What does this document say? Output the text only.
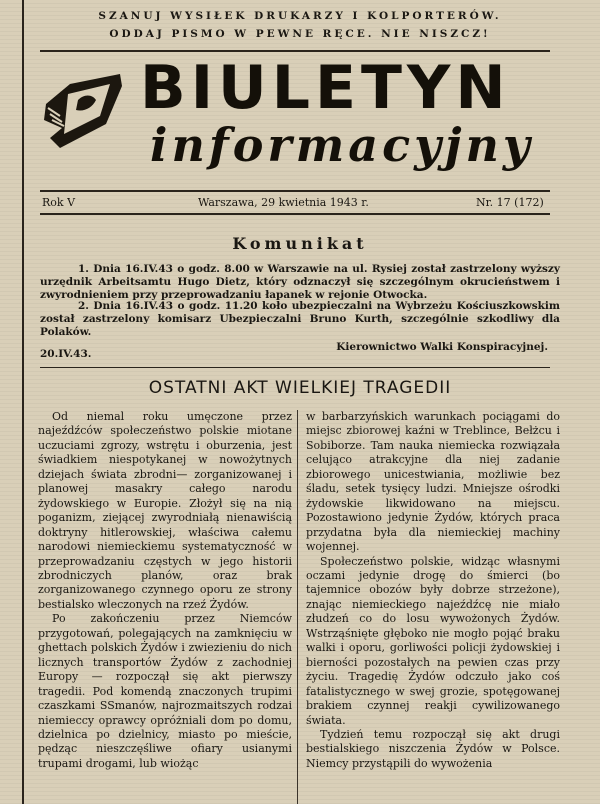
SZANUJ WYSIŁEK DRUKARZY I KOLPORTERÓW.
ODDAJ PISMO W PEWNE RĘCE. NIE NISZCZ!
BIULETYN
informacyjny
Rok V	Warszawa, 29 kwietnia 1943 r.	Nr. 17 (172)
Komunikat
1. Dnia 16.IV.43 o godz. 8.00 w Warszawie na ul. Rysiej został zastrzelony wyższy urzędnik Arbeitsamtu Hugo Dietz, który odznaczył się szczególnym okrucieństwem i zwyrodnieniem przy przeprowadzaniu łapanek w rejonie Otwocka.
2. Dnia 16.IV.43 o godz. 11.20 koło ubezpieczalni na Wybrzeżu Kościuszkowskim został zastrzelony komisarz Ubezpieczalni Bruno Kurth, szczególnie szkodliwy dla Polaków.
20.IV.43.
Kierownictwo Walki Konspiracyjnej.
OSTATNI AKT WIELKIEJ TRAGEDII

Od niemal roku umęczone przez najeźdźców społeczeństwo polskie miotane uczuciami zgrozy, wstrętu i oburzenia, jest świadkiem niespotykanej w nowożytnych dziejach świata zbrodni— zorganizowanej i planowej masakry całego narodu żydowskiego w Europie. Złożył się na nią poganizm, ziejącej zwyrodniałą nienawiścią doktryny hitlerowskiej, właściwa całemu narodowi niemieckiemu systematyczność w przeprowadzaniu częstych w jego historii zbrodniczych planów, oraz brak zorganizowanego czynnego oporu ze strony bestialsko wleczonych na rzeź Żydów.

Po zakończeniu przez Niemców przygotowań, polegających na zamknięciu w ghettach polskich Żydów i zwiezieniu do nich licznych transportów Żydów z zachodniej Europy — rozpoczął się akt pierwszy tragedii. Pod komendą znaczonych trupimi czaszkami SSmanów, najrozmaitszych rodzai niemieccy oprawcy opróżniali dom po domu, dzielnica po dzielnicy, miasto po mieście, pędząc nieszczęśliwe ofiary usianymi trupami drogami, lub wiożąc

w barbarzyńskich warunkach pociągami do miejsc zbiorowej kaźni w Treblince, Bełżcu i Sobiborze. Tam nauka niemiecka rozwiązała celująco atrakcyjne dla niej zadanie zbiorowego unicestwiania, możliwie bez śladu, setek tysięcy ludzi. Mniejsze ośrodki żydowskie likwidowano na miejscu. Pozostawiono jedynie Żydów, których praca przydatna była dla niemieckiej machiny wojennej.

Społeczeństwo polskie, widząc własnymi oczami jedynie drogę do śmierci (bo tajemnice obozów były dobrze strzeżone), znając niemieckiego najeźdźcę nie miało złudzeń co do losu wywożonych Żydów. Wstrząśnięte głęboko nie mogło pojąć braku walki i oporu, gorliwości policji żydowskiej i bierności pozostałych na pewien czas przy życiu. Tragedię Żydów odczuło jako coś fatalistycznego w swej grozie, spotęgowanej brakiem czynnej reakji cywilizowanego świata.

Tydzień temu rozpoczął się akt drugi bestialskiego niszczenia Żydów w Polsce. Niemcy przystąpili do wywożenia
